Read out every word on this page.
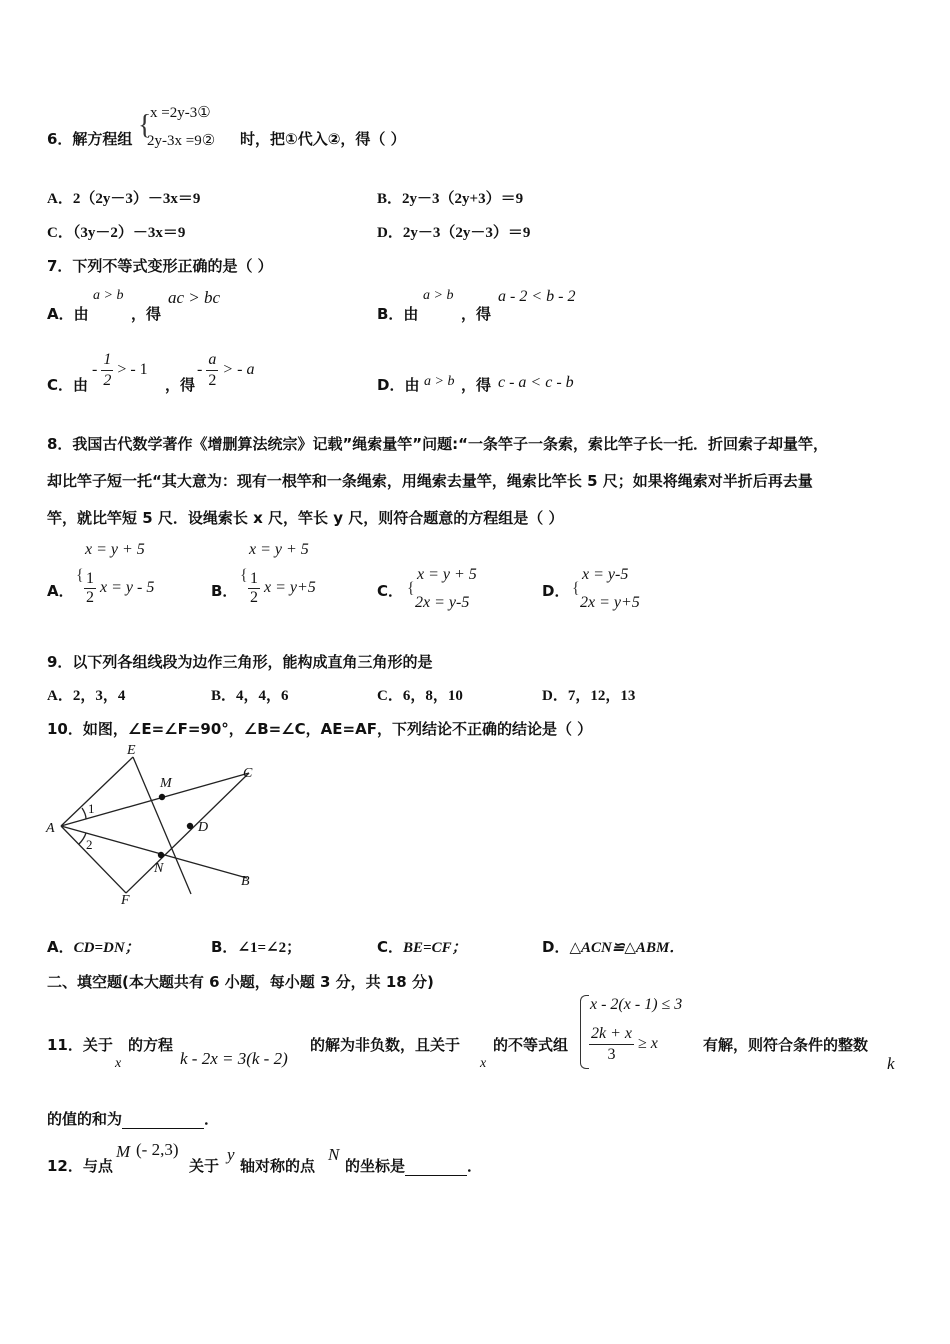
6．解方程组 {
x =2y-3①
2y-3x =9② 时，把①代入②，得（ ）
A．2（2y－3）－3x＝9	B．2y－3（2y+3）＝9
C．（3y－2）－3x＝9	D．2y－3（2y－3）＝9
7．下列不等式变形正确的是（ ）
A．由
a > b
，得
ac > bc
B．由
a > b
，得
a - 2 < b - 2
C．由
- $\frac{1}{2}$ > - 1
，得
- $\frac{a}{2}$ > - a
D．由 a > b ，得 c - a < c - b
8．我国古代数学著作《增删算法统宗》记载”绳索量竿”问题:“一条竿子一条索，索比竿子长一托．折回索子却量竿，
却比竿子短一托“其大意为：现有一根竿和一条绳索，用绳索去量竿，绳索比竿长 5 尺；如果将绳索对半折后再去量
竿，就比竿短 5 尺．设绳索长 x 尺，竿长 y 尺，则符合题意的方程组是（ ）
A．
x = y + 5
{ $\frac{1}{2}$ x = y - 5	B．
x = y + 5
{ $\frac{1}{2}$ x = y+5	C． {
x = y + 5
2x = y-5
D． {
x = y-5
2x = y+5
9．以下列各组线段为边作三角形，能构成直角三角形的是
A．2，3，4	B．4，4，6	C．6，8，10	D．7，12，13
10．如图，∠E=∠F=90°，∠B=∠C，AE=AF，下列结论不正确的结论是（ ）
E
M
C
A	D
N
B
F
1
2
A．CD=DN；	B．∠1=∠2；	C．BE=CF；	D．△ACN≌△ABM．
二、填空题(本大题共有 6 小题，每小题 3 分，共 18 分)
11．关于
x
的方程
k - 2x = 3(k - 2)
的解为非负数，且关于
x
的不等式组
x - 2(x - 1) ≤ 3
$\frac{2k + x}{3} \ge x$	有解，则符合条件的整数
k
的值的和为	．
12．与点
M (- 2,3)
关于
y
轴对称的点
N
的坐标是	．
